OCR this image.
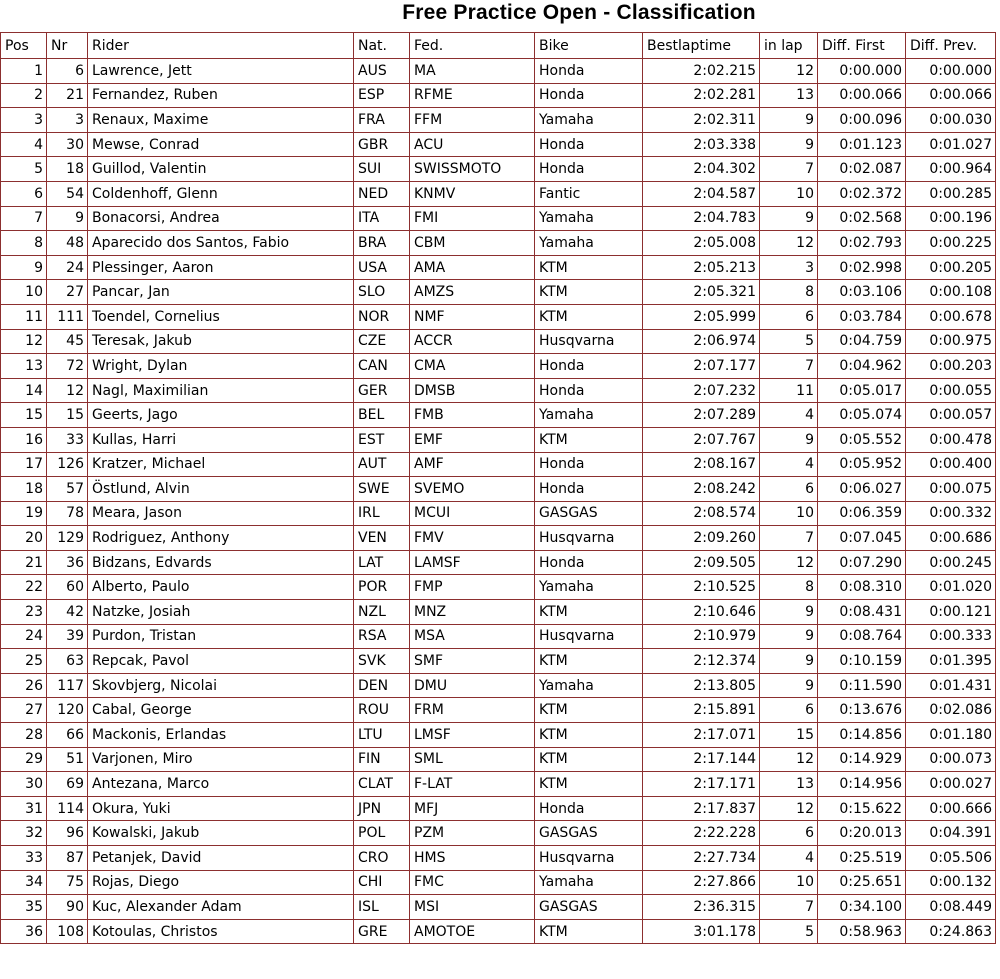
Free Practice Open - Classification
Pos	Nr	Rider	Nat.	Fed.	Bike	Bestlaptime	in lap	Diff. First	Diff. Prev.	
1	6	Lawrence, Jett	AUS	MA	Honda	2:02.215	12	0:00.000	0:00.000	
2	21	Fernandez, Ruben	ESP	RFME	Honda	2:02.281	13	0:00.066	0:00.066	
3	3	Renaux, Maxime	FRA	FFM	Yamaha	2:02.311	9	0:00.096	0:00.030	
4	30	Mewse, Conrad	GBR	ACU	Honda	2:03.338	9	0:01.123	0:01.027	
5	18	Guillod, Valentin	SUI	SWISSMOTO	Honda	2:04.302	7	0:02.087	0:00.964	
6	54	Coldenhoff, Glenn	NED	KNMV	Fantic	2:04.587	10	0:02.372	0:00.285	
7	9	Bonacorsi, Andrea	ITA	FMI	Yamaha	2:04.783	9	0:02.568	0:00.196	
8	48	Aparecido dos Santos, Fabio	BRA	CBM	Yamaha	2:05.008	12	0:02.793	0:00.225	
9	24	Plessinger, Aaron	USA	AMA	KTM	2:05.213	3	0:02.998	0:00.205	
10	27	Pancar, Jan	SLO	AMZS	KTM	2:05.321	8	0:03.106	0:00.108	
11	111	Toendel, Cornelius	NOR	NMF	KTM	2:05.999	6	0:03.784	0:00.678	
12	45	Teresak, Jakub	CZE	ACCR	Husqvarna	2:06.974	5	0:04.759	0:00.975	
13	72	Wright, Dylan	CAN	CMA	Honda	2:07.177	7	0:04.962	0:00.203	
14	12	Nagl, Maximilian	GER	DMSB	Honda	2:07.232	11	0:05.017	0:00.055	
15	15	Geerts, Jago	BEL	FMB	Yamaha	2:07.289	4	0:05.074	0:00.057	
16	33	Kullas, Harri	EST	EMF	KTM	2:07.767	9	0:05.552	0:00.478	
17	126	Kratzer, Michael	AUT	AMF	Honda	2:08.167	4	0:05.952	0:00.400	
18	57	Östlund, Alvin	SWE	SVEMO	Honda	2:08.242	6	0:06.027	0:00.075	
19	78	Meara, Jason	IRL	MCUI	GASGAS	2:08.574	10	0:06.359	0:00.332	
20	129	Rodriguez, Anthony	VEN	FMV	Husqvarna	2:09.260	7	0:07.045	0:00.686	
21	36	Bidzans, Edvards	LAT	LAMSF	Honda	2:09.505	12	0:07.290	0:00.245	
22	60	Alberto, Paulo	POR	FMP	Yamaha	2:10.525	8	0:08.310	0:01.020	
23	42	Natzke, Josiah	NZL	MNZ	KTM	2:10.646	9	0:08.431	0:00.121	
24	39	Purdon, Tristan	RSA	MSA	Husqvarna	2:10.979	9	0:08.764	0:00.333	
25	63	Repcak, Pavol	SVK	SMF	KTM	2:12.374	9	0:10.159	0:01.395	
26	117	Skovbjerg, Nicolai	DEN	DMU	Yamaha	2:13.805	9	0:11.590	0:01.431	
27	120	Cabal, George	ROU	FRM	KTM	2:15.891	6	0:13.676	0:02.086	
28	66	Mackonis, Erlandas	LTU	LMSF	KTM	2:17.071	15	0:14.856	0:01.180	
29	51	Varjonen, Miro	FIN	SML	KTM	2:17.144	12	0:14.929	0:00.073	
30	69	Antezana, Marco	CLAT	F-LAT	KTM	2:17.171	13	0:14.956	0:00.027	
31	114	Okura, Yuki	JPN	MFJ	Honda	2:17.837	12	0:15.622	0:00.666	
32	96	Kowalski, Jakub	POL	PZM	GASGAS	2:22.228	6	0:20.013	0:04.391	
33	87	Petanjek, David	CRO	HMS	Husqvarna	2:27.734	4	0:25.519	0:05.506	
34	75	Rojas, Diego	CHI	FMC	Yamaha	2:27.866	10	0:25.651	0:00.132	
35	90	Kuc, Alexander Adam	ISL	MSI	GASGAS	2:36.315	7	0:34.100	0:08.449	
36	108	Kotoulas, Christos	GRE	AMOTOE	KTM	3:01.178	5	0:58.963	0:24.863	
